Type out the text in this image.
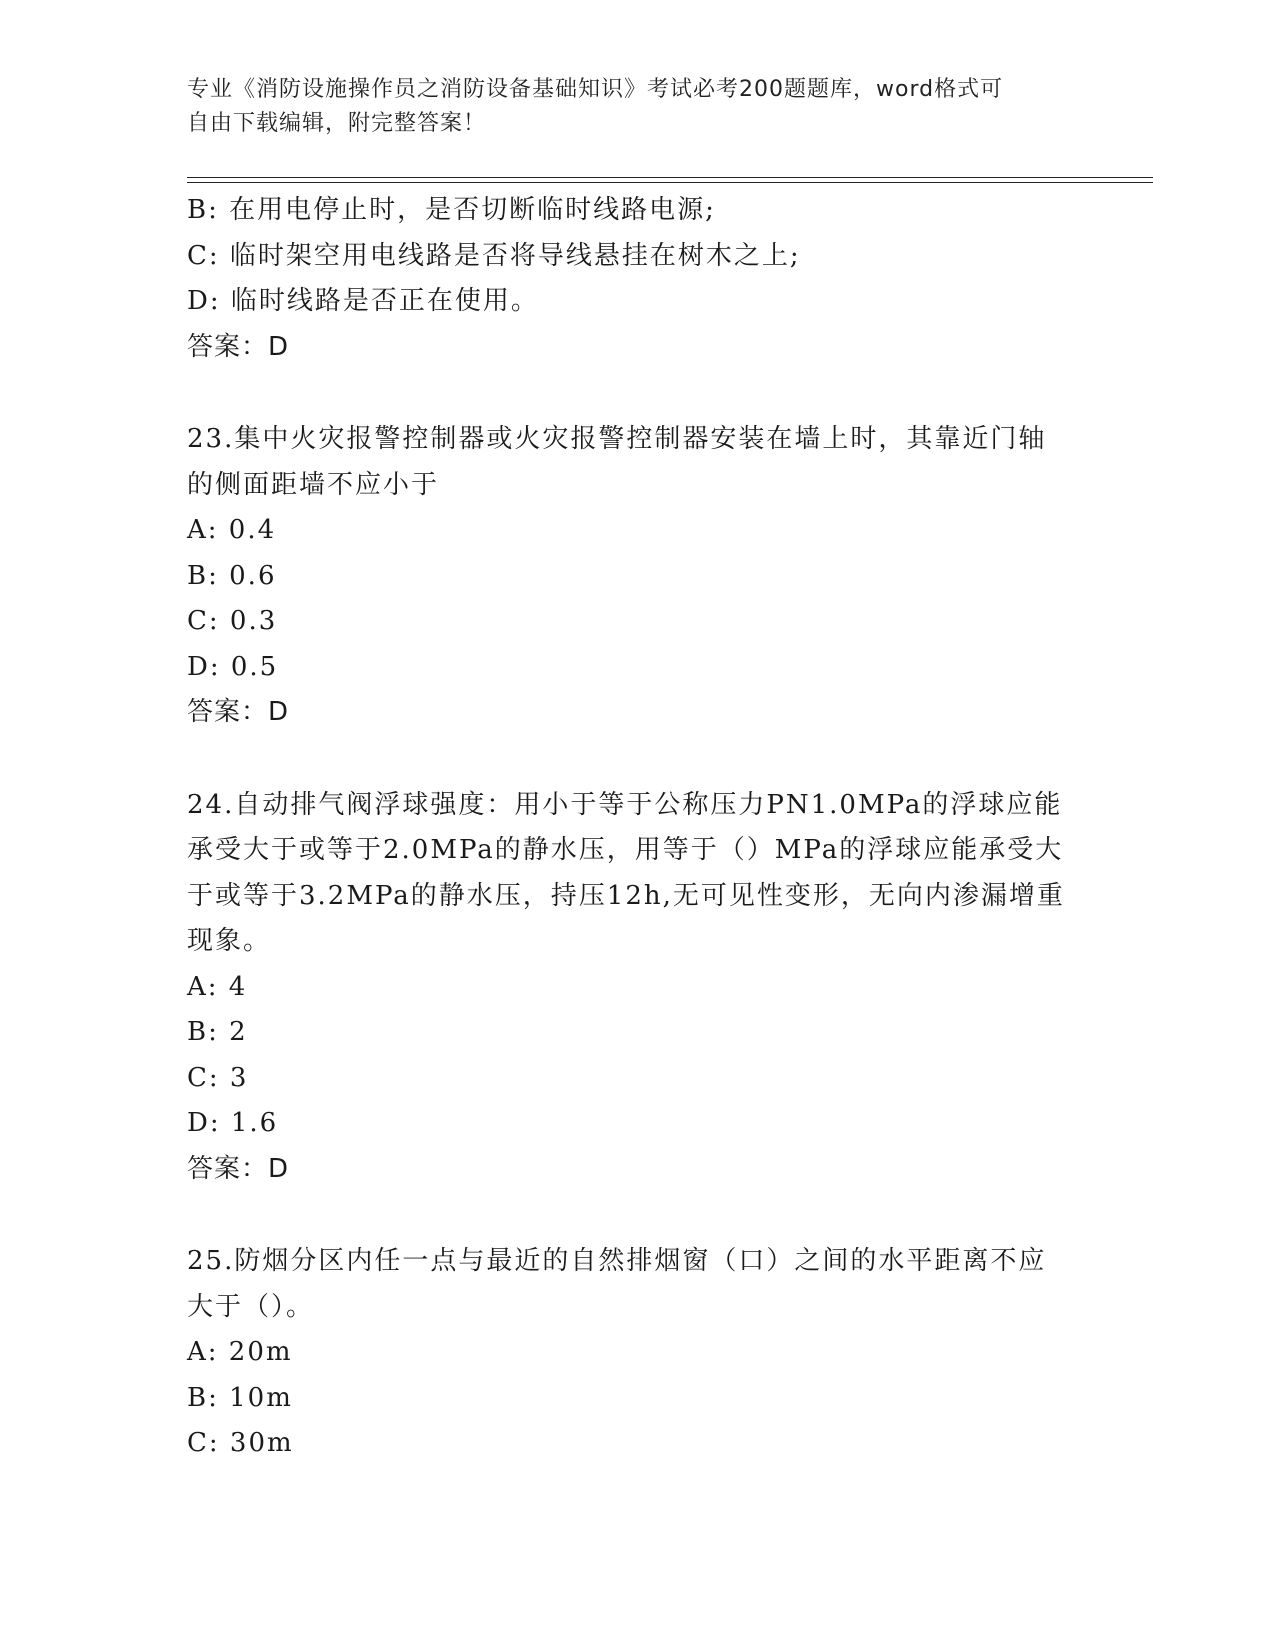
专业《消防设施操作员之消防设备基础知识》考试必考200题题库，word格式可
自由下载编辑，附完整答案！
B: 在用电停止时，是否切断临时线路电源;
C: 临时架空用电线路是否将导线悬挂在树木之上;
D: 临时线路是否正在使用。
答案：D
23.集中火灾报警控制器或火灾报警控制器安装在墙上时，其靠近门轴
的侧面距墙不应小于
A: 0.4
B: 0.6
C: 0.3
D: 0.5
答案：D
24.自动排气阀浮球强度：用小于等于公称压力PN1.0MPa的浮球应能
承受大于或等于2.0MPa的静水压，用等于（）MPa的浮球应能承受大
于或等于3.2MPa的静水压，持压12h,无可见性变形，无向内渗漏增重
现象。
A: 4
B: 2
C: 3
D: 1.6
答案：D
25.防烟分区内任一点与最近的自然排烟窗（口）之间的水平距离不应
大于（）。
A: 20m
B: 10m
C: 30m
